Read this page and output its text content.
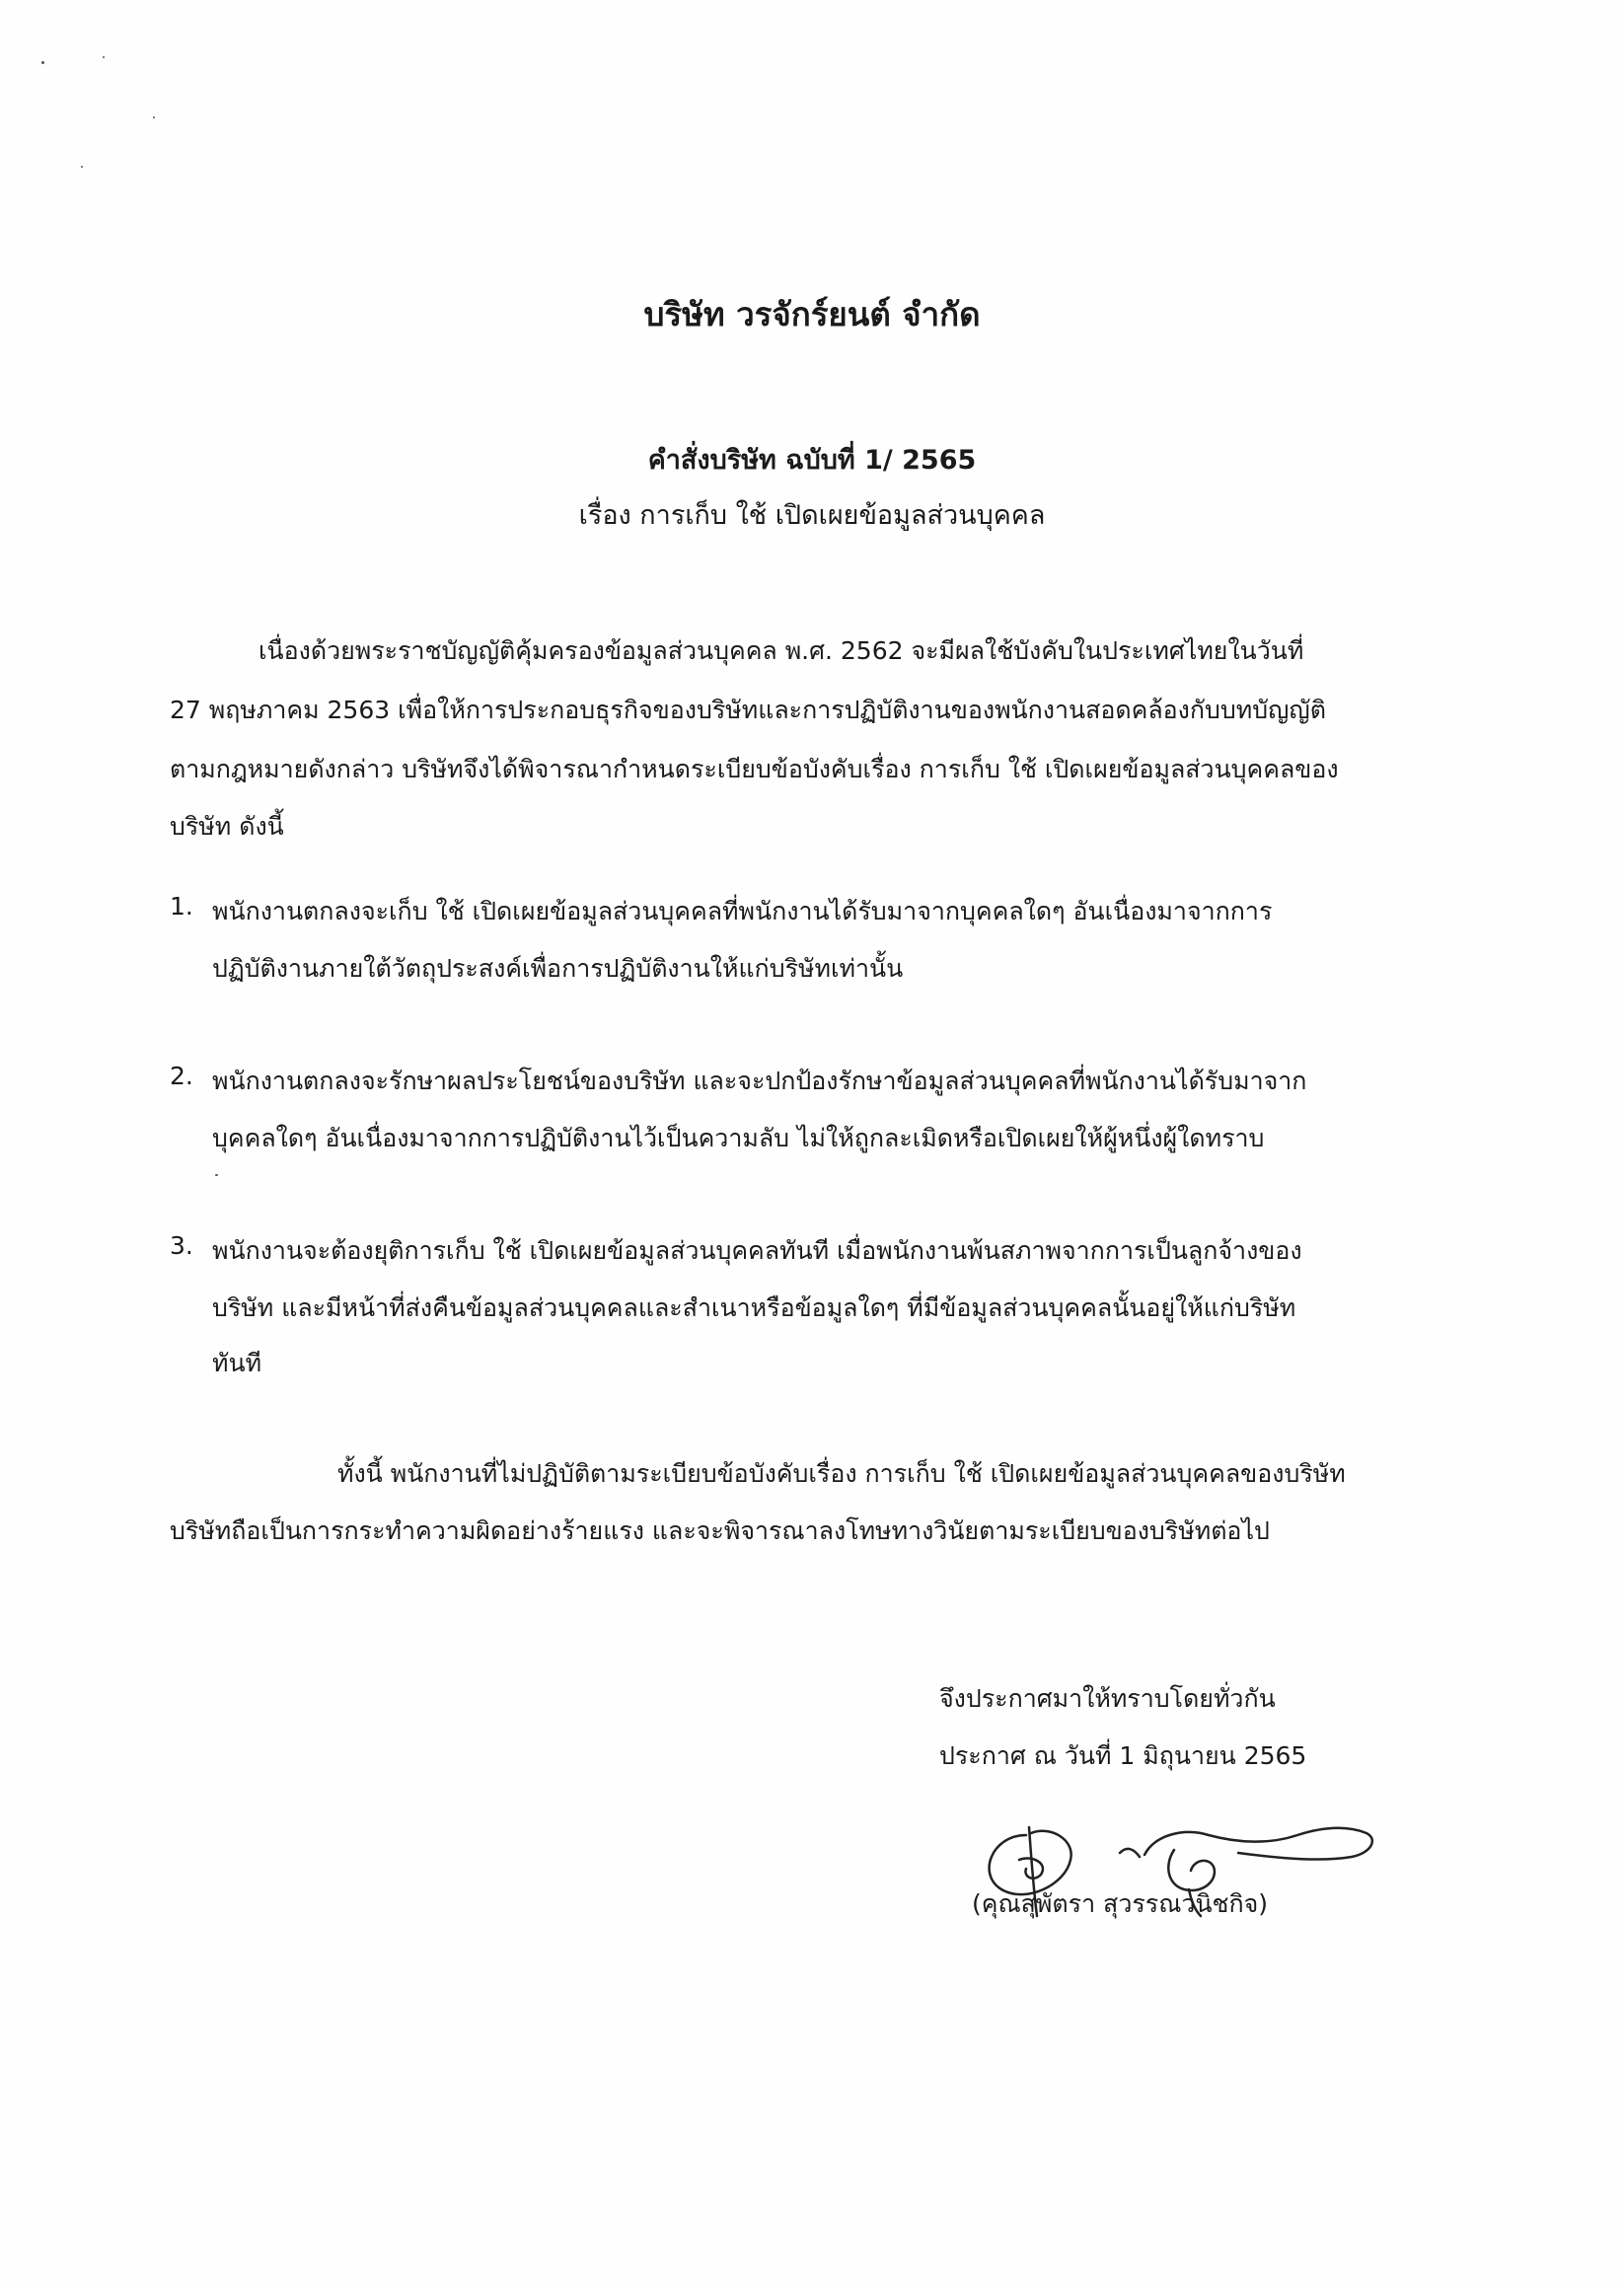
บริษัท วรจักร์ยนต์ จำกัด
คำสั่งบริษัท ฉบับที่ 1/ 2565
เรื่อง การเก็บ ใช้ เปิดเผยข้อมูลส่วนบุคคล
เนื่องด้วยพระราชบัญญัติคุ้มครองข้อมูลส่วนบุคคล พ.ศ. 2562 จะมีผลใช้บังคับในประเทศไทยในวันที่
27 พฤษภาคม 2563 เพื่อให้การประกอบธุรกิจของบริษัทและการปฏิบัติงานของพนักงานสอดคล้องกับบทบัญญัติ
ตามกฎหมายดังกล่าว บริษัทจึงได้พิจารณากำหนดระเบียบข้อบังคับเรื่อง การเก็บ ใช้ เปิดเผยข้อมูลส่วนบุคคลของ
บริษัท ดังนี้
1. พนักงานตกลงจะเก็บ ใช้ เปิดเผยข้อมูลส่วนบุคคลที่พนักงานได้รับมาจากบุคคลใดๆ อันเนื่องมาจากการ
ปฏิบัติงานภายใต้วัตถุประสงค์เพื่อการปฏิบัติงานให้แก่บริษัทเท่านั้น
2. พนักงานตกลงจะรักษาผลประโยชน์ของบริษัท และจะปกป้องรักษาข้อมูลส่วนบุคคลที่พนักงานได้รับมาจาก
บุคคลใดๆ อันเนื่องมาจากการปฏิบัติงานไว้เป็นความลับ ไม่ให้ถูกละเมิดหรือเปิดเผยให้ผู้หนึ่งผู้ใดทราบ
3. พนักงานจะต้องยุติการเก็บ ใช้ เปิดเผยข้อมูลส่วนบุคคลทันที เมื่อพนักงานพ้นสภาพจากการเป็นลูกจ้างของ
บริษัท และมีหน้าที่ส่งคืนข้อมูลส่วนบุคคลและสำเนาหรือข้อมูลใดๆ ที่มีข้อมูลส่วนบุคคลนั้นอยู่ให้แก่บริษัท
ทันที
ทั้งนี้ พนักงานที่ไม่ปฏิบัติตามระเบียบข้อบังคับเรื่อง การเก็บ ใช้ เปิดเผยข้อมูลส่วนบุคคลของบริษัท
บริษัทถือเป็นการกระทำความผิดอย่างร้ายแรง และจะพิจารณาลงโทษทางวินัยตามระเบียบของบริษัทต่อไป
จึงประกาศมาให้ทราบโดยทั่วกัน
ประกาศ ณ วันที่ 1 มิถุนายน 2565
(คุณสุพัตรา สุวรรณวนิชกิจ)
